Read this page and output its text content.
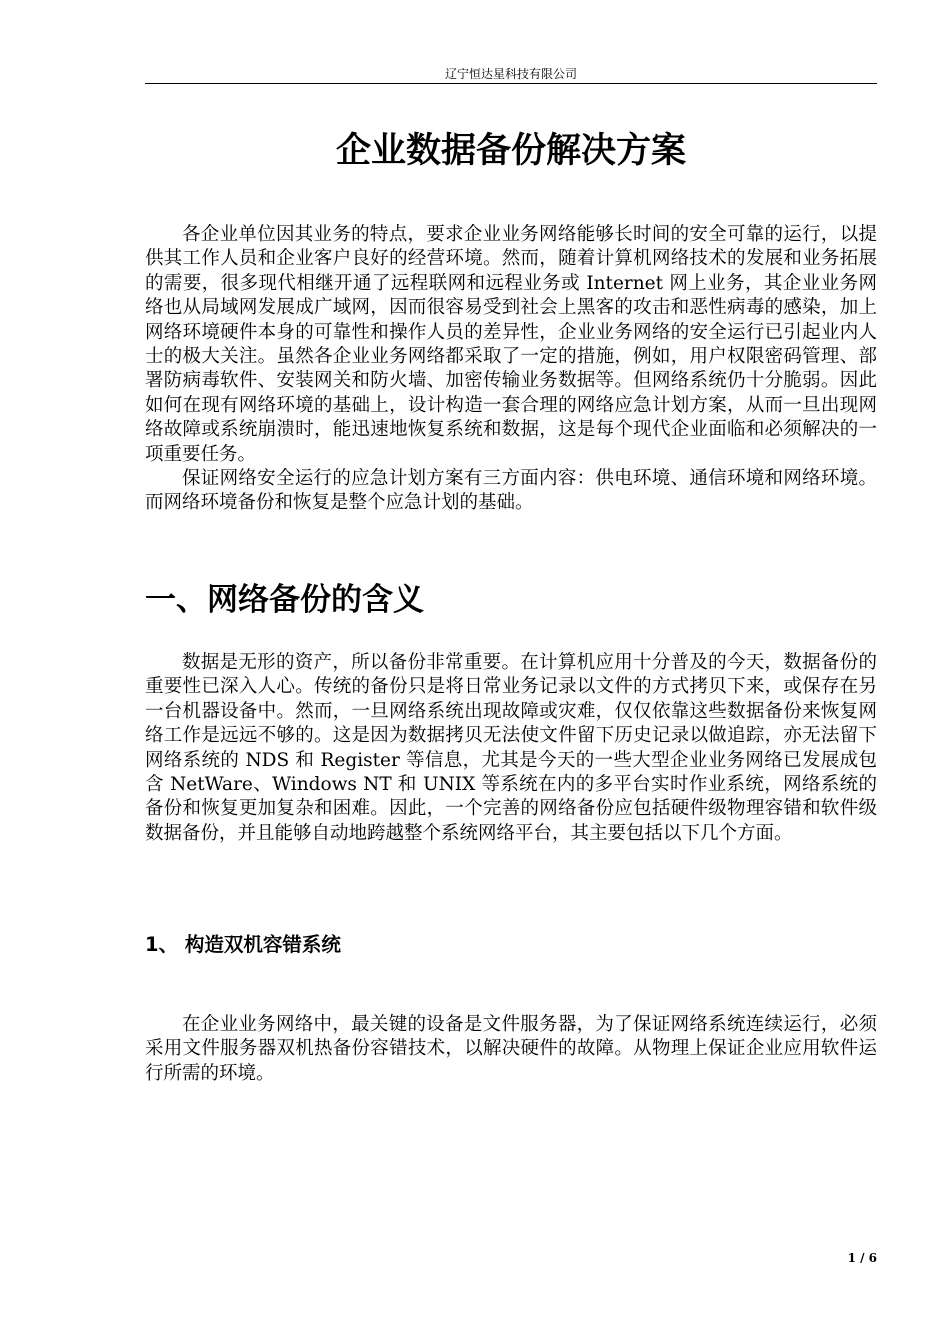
辽宁恒达星科技有限公司
企业数据备份解决方案

各企业单位因其业务的特点，要求企业业务网络能够长时间的安全可靠的运行，以提供其工作人员和企业客户良好的经营环境。然而，随着计算机网络技术的发展和业务拓展的需要，很多现代相继开通了远程联网和远程业务或 Internet 网上业务，其企业业务网络也从局域网发展成广域网，因而很容易受到社会上黑客的攻击和恶性病毒的感染，加上网络环境硬件本身的可靠性和操作人员的差异性，企业业务网络的安全运行已引起业内人士的极大关注。虽然各企业业务网络都采取了一定的措施，例如，用户权限密码管理、部署防病毒软件、安装网关和防火墙、加密传输业务数据等。但网络系统仍十分脆弱。因此如何在现有网络环境的基础上，设计构造一套合理的网络应急计划方案，从而一旦出现网络故障或系统崩溃时，能迅速地恢复系统和数据，这是每个现代企业面临和必须解决的一项重要任务。

保证网络安全运行的应急计划方案有三方面内容：供电环境、通信环境和网络环境。而网络环境备份和恢复是整个应急计划的基础。

一、网络备份的含义

数据是无形的资产，所以备份非常重要。在计算机应用十分普及的今天，数据备份的重要性已深入人心。传统的备份只是将日常业务记录以文件的方式拷贝下来，或保存在另一台机器设备中。然而，一旦网络系统出现故障或灾难，仅仅依靠这些数据备份来恢复网络工作是远远不够的。这是因为数据拷贝无法使文件留下历史记录以做追踪，亦无法留下网络系统的 NDS 和 Register 等信息，尤其是今天的一些大型企业业务网络已发展成包含 NetWare、Windows NT 和 UNIX 等系统在内的多平台实时作业系统，网络系统的备份和恢复更加复杂和困难。因此，一个完善的网络备份应包括硬件级物理容错和软件级数据备份，并且能够自动地跨越整个系统网络平台，其主要包括以下几个方面。

1、 构造双机容错系统

在企业业务网络中，最关键的设备是文件服务器，为了保证网络系统连续运行，必须采用文件服务器双机热备份容错技术，以解决硬件的故障。从物理上保证企业应用软件运行所需的环境。

1 / 6
